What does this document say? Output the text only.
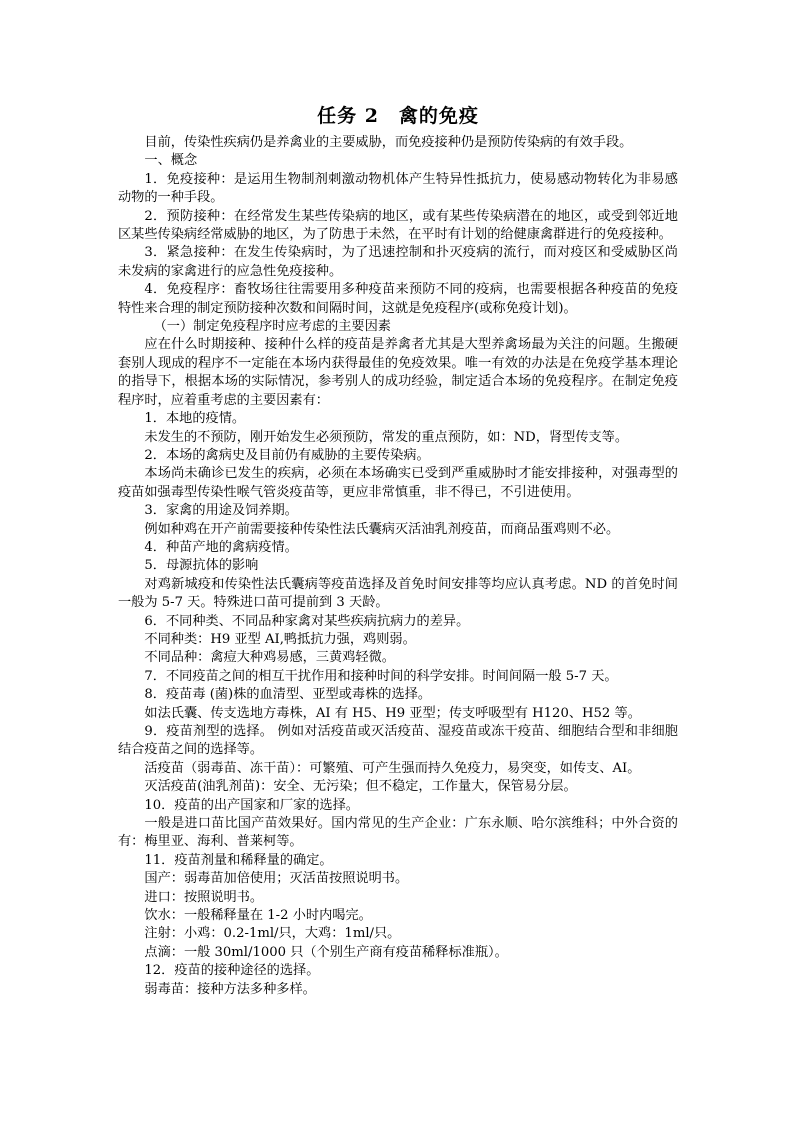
任务 2　禽的免疫

目前，传染性疾病仍是养禽业的主要威胁，而免疫接种仍是预防传染病的有效手段。

一、概念

1．免疫接种：是运用生物制剂刺激动物机体产生特异性抵抗力，使易感动物转化为非易感动物的一种手段。

2．预防接种：在经常发生某些传染病的地区，或有某些传染病潜在的地区，或受到邻近地区某些传染病经常威胁的地区，为了防患于未然，在平时有计划的给健康禽群进行的免疫接种。

3．紧急接种：在发生传染病时，为了迅速控制和扑灭疫病的流行，而对疫区和受威胁区尚未发病的家禽进行的应急性免疫接种。

4．免疫程序：畜牧场往往需要用多种疫苗来预防不同的疫病，也需要根据各种疫苗的免疫特性来合理的制定预防接种次数和间隔时间，这就是免疫程序(或称免疫计划)。

（一）制定免疫程序时应考虑的主要因素

应在什么时期接种、接种什么样的疫苗是养禽者尤其是大型养禽场最为关注的问题。生搬硬套别人现成的程序不一定能在本场内获得最佳的免疫效果。唯一有效的办法是在免疫学基本理论的指导下，根据本场的实际情况，参考别人的成功经验，制定适合本场的免疫程序。在制定免疫程序时，应着重考虑的主要因素有：

1．本地的疫情。

未发生的不预防，刚开始发生必须预防，常发的重点预防，如：ND，肾型传支等。

2．本场的禽病史及目前仍有威胁的主要传染病。

本场尚未确诊已发生的疾病，必须在本场确实已受到严重威胁时才能安排接种，对强毒型的疫苗如强毒型传染性喉气管炎疫苗等，更应非常慎重，非不得已，不引进使用。

3．家禽的用途及饲养期。

例如种鸡在开产前需要接种传染性法氏囊病灭活油乳剂疫苗，而商品蛋鸡则不必。

4．种苗产地的禽病疫情。

5．母源抗体的影响

对鸡新城疫和传染性法氏囊病等疫苗选择及首免时间安排等均应认真考虑。ND 的首免时间一般为 5-7 天。特殊进口苗可提前到 3 天龄。

6．不同种类、不同品种家禽对某些疾病抗病力的差异。

不同种类：H9 亚型 AI,鸭抵抗力强，鸡则弱。

不同品种：禽痘大种鸡易感，三黄鸡轻微。

7．不同疫苗之间的相互干扰作用和接种时间的科学安排。时间间隔一般 5-7 天。

8．疫苗毒 (菌)株的血清型、亚型或毒株的选择。

如法氏囊、传支选地方毒株，AI 有 H5、H9 亚型；传支呼吸型有 H120、H52 等。

9．疫苗剂型的选择。 例如对活疫苗或灭活疫苗、湿疫苗或冻干疫苗、细胞结合型和非细胞结合疫苗之间的选择等。

活疫苗（弱毒苗、冻干苗）：可繁殖、可产生强而持久免疫力，易突变，如传支、AI。

灭活疫苗(油乳剂苗)：安全、无污染；但不稳定，工作量大，保管易分层。

10．疫苗的出产国家和厂家的选择。

一般是进口苗比国产苗效果好。国内常见的生产企业：广东永顺、哈尔滨维科；中外合资的有：梅里亚、海利、普莱柯等。

11．疫苗剂量和稀释量的确定。

国产：弱毒苗加倍使用；灭活苗按照说明书。

进口：按照说明书。

饮水：一般稀释量在 1-2 小时内喝完。

注射：小鸡：0.2-1ml/只，大鸡：1ml/只。

点滴：一般 30ml/1000 只（个别生产商有疫苗稀释标准瓶）。

12．疫苗的接种途径的选择。

弱毒苗：接种方法多种多样。
